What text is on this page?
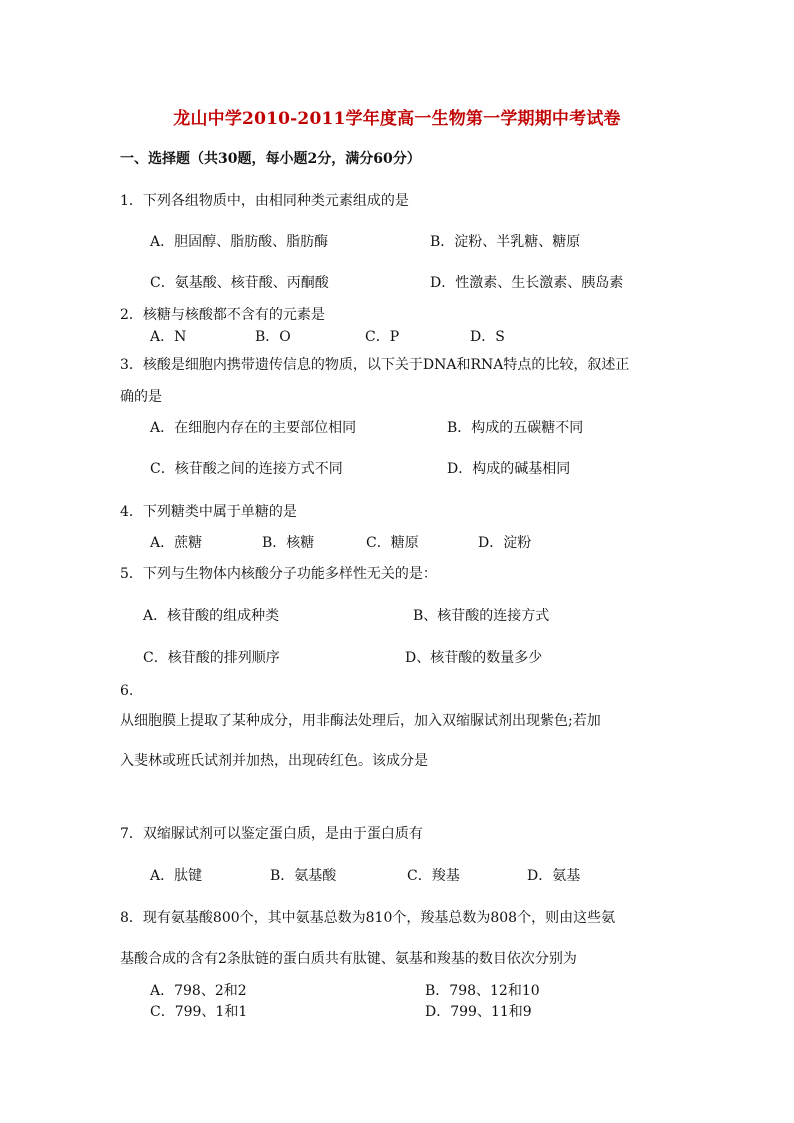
龙山中学2010-2011学年度高一生物第一学期期中考试卷
一、选择题（共30题，每小题2分，满分60分）
1．下列各组物质中，由相同种类元素组成的是
A．胆固醇、脂肪酸、脂肪酶	B．淀粉、半乳糖、糖原
C．氨基酸、核苷酸、丙酮酸	D．性激素、生长激素、胰岛素
2．核糖与核酸都不含有的元素是
A．N	B．O	C．P	D．S
3．核酸是细胞内携带遗传信息的物质，以下关于DNA和RNA特点的比较，叙述正
确的是
A．在细胞内存在的主要部位相同	B．构成的五碳糖不同
C．核苷酸之间的连接方式不同	D．构成的碱基相同
4．下列糖类中属于单糖的是
A．蔗糖	B．核糖	C．糖原	D．淀粉
5．下列与生物体内核酸分子功能多样性无关的是：
A．核苷酸的组成种类	B、核苷酸的连接方式
C．核苷酸的排列顺序	D、核苷酸的数量多少
6.
从细胞膜上提取了某种成分，用非酶法处理后，加入双缩脲试剂出现紫色;若加
入斐林或班氏试剂并加热，出现砖红色。该成分是
7．双缩脲试剂可以鉴定蛋白质，是由于蛋白质有
A．肽键	B．氨基酸	C．羧基	D．氨基
8．现有氨基酸800个，其中氨基总数为810个，羧基总数为808个，则由这些氨
基酸合成的含有2条肽链的蛋白质共有肽键、氨基和羧基的数目依次分别为
A．798、2和2	B．798、12和10
C．799、1和1	D．799、11和9
